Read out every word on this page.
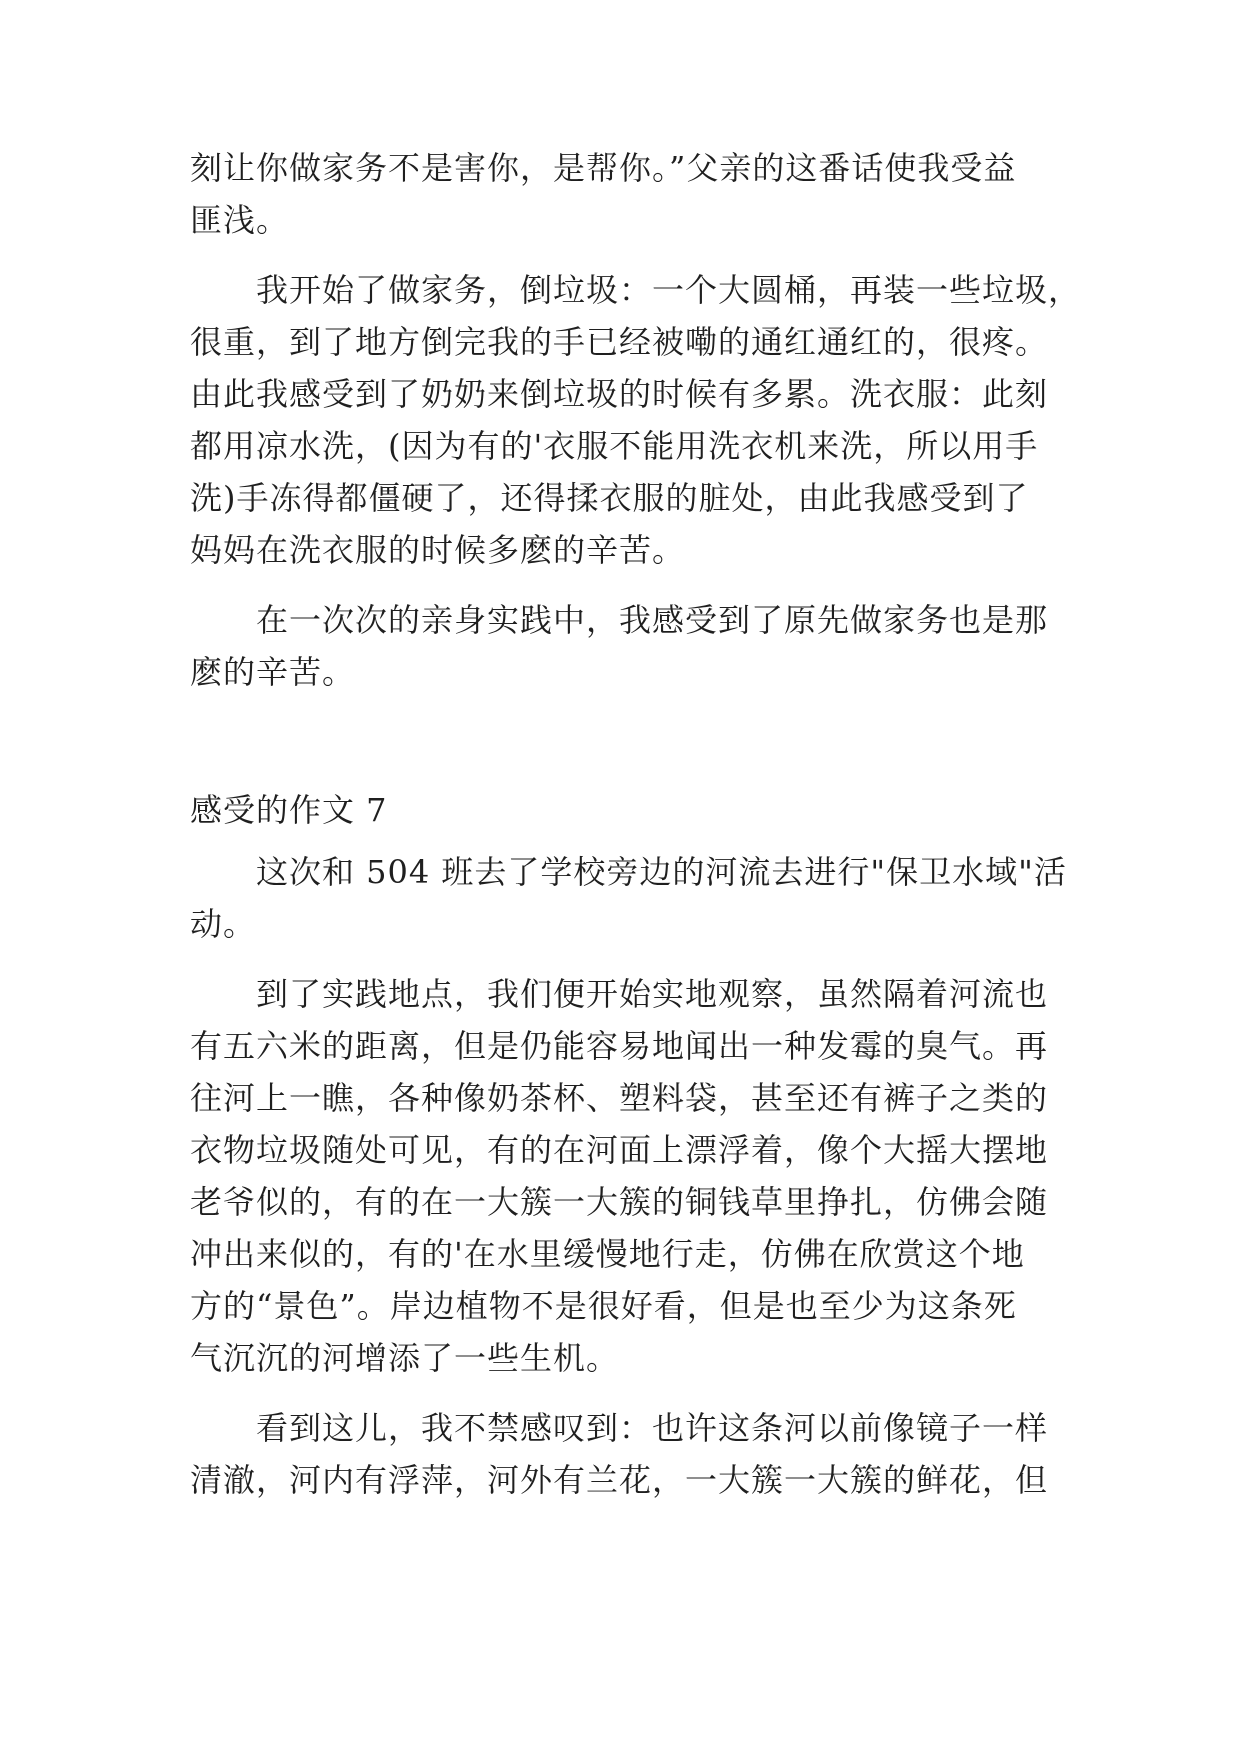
刻让你做家务不是害你，是帮你。”父亲的这番话使我受益
匪浅。
我开始了做家务，倒垃圾：一个大圆桶，再装一些垃圾，
很重，到了地方倒完我的手已经被嘞的通红通红的，很疼。
由此我感受到了奶奶来倒垃圾的时候有多累。洗衣服：此刻
都用凉水洗，(因为有的'衣服不能用洗衣机来洗，所以用手
洗)手冻得都僵硬了，还得揉衣服的脏处，由此我感受到了
妈妈在洗衣服的时候多麽的辛苦。
在一次次的亲身实践中，我感受到了原先做家务也是那
麽的辛苦。
感受的作文 7
这次和 504 班去了学校旁边的河流去进行"保卫水域"活
动。
到了实践地点，我们便开始实地观察，虽然隔着河流也
有五六米的距离，但是仍能容易地闻出一种发霉的臭气。再
往河上一瞧，各种像奶茶杯、塑料袋，甚至还有裤子之类的
衣物垃圾随处可见，有的在河面上漂浮着，像个大摇大摆地
老爷似的，有的在一大簇一大簇的铜钱草里挣扎，仿佛会随
冲出来似的，有的'在水里缓慢地行走，仿佛在欣赏这个地
方的“景色”。岸边植物不是很好看，但是也至少为这条死
气沉沉的河增添了一些生机。
看到这儿，我不禁感叹到：也许这条河以前像镜子一样
清澈，河内有浮萍，河外有兰花，一大簇一大簇的鲜花，但
